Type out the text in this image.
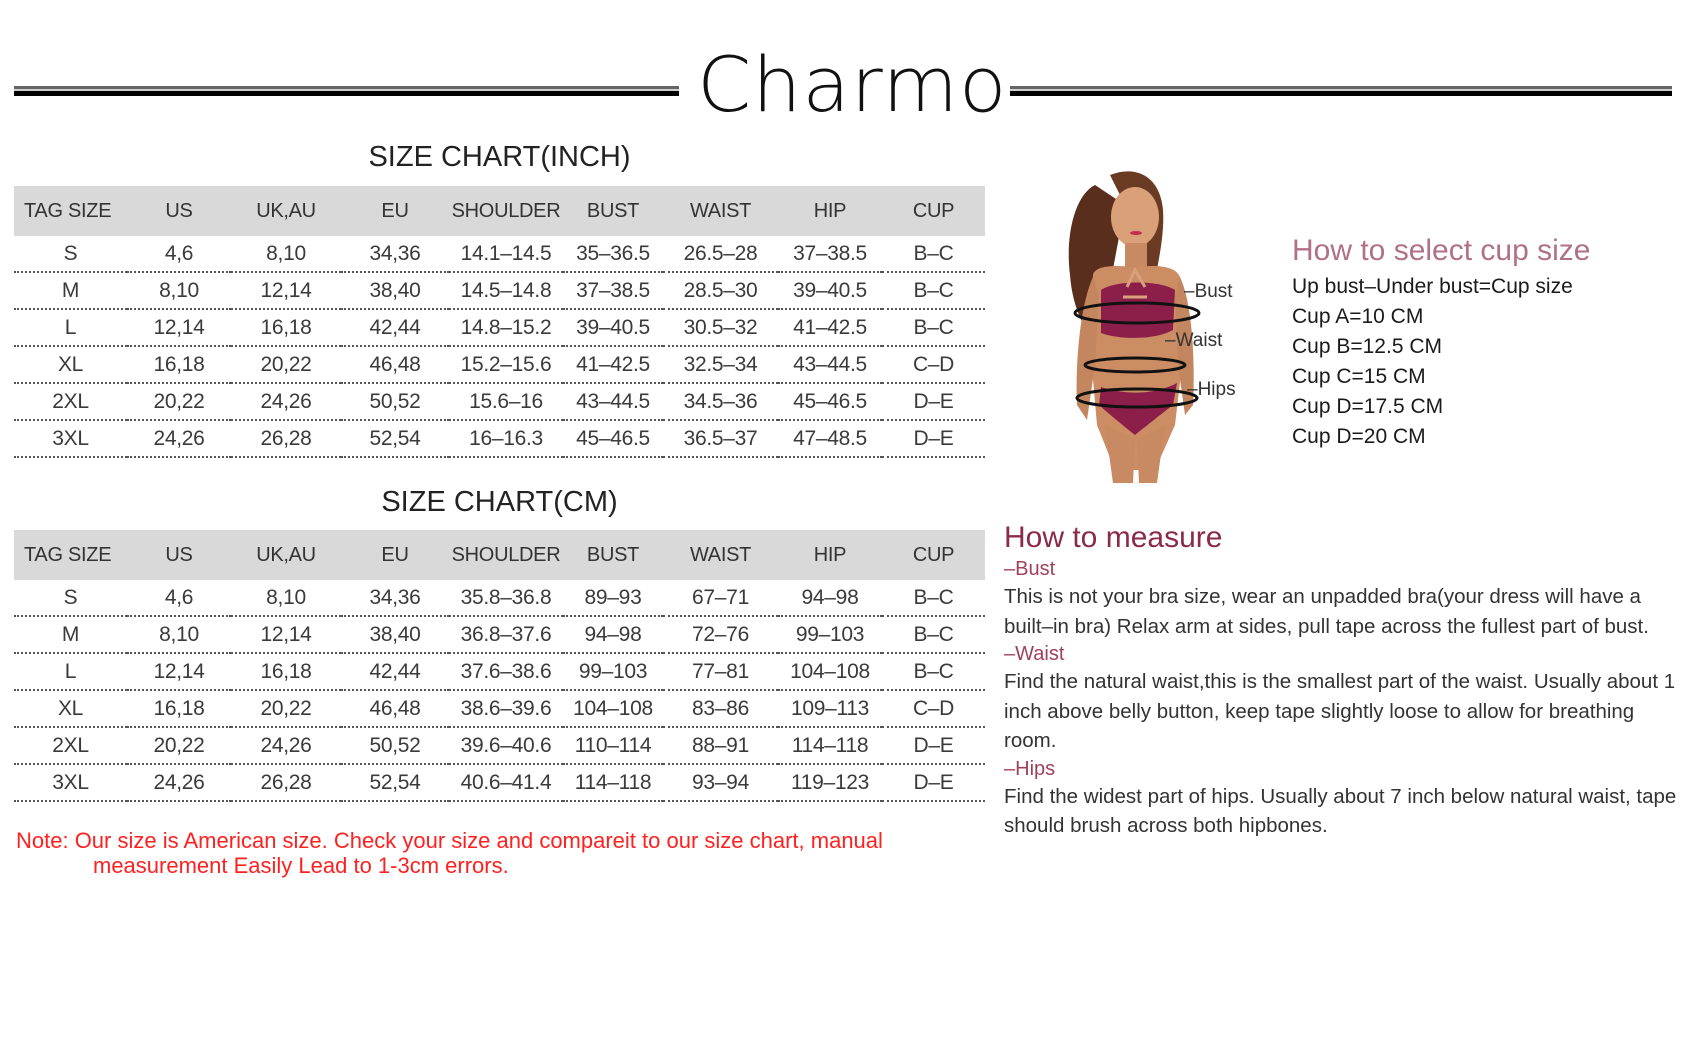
Charmo
SIZE CHART(INCH)
TAG SIZE	US	UK,AU	EU	SHOULDER	BUST	WAIST	HIP	CUP
S	4,6	8,10	34,36	14.1–14.5	35–36.5	26.5–28	37–38.5	B–C
M	8,10	12,14	38,40	14.5–14.8	37–38.5	28.5–30	39–40.5	B–C
L	12,14	16,18	42,44	14.8–15.2	39–40.5	30.5–32	41–42.5	B–C
XL	16,18	20,22	46,48	15.2–15.6	41–42.5	32.5–34	43–44.5	C–D
2XL	20,22	24,26	50,52	15.6–16	43–44.5	34.5–36	45–46.5	D–E
3XL	24,26	26,28	52,54	16–16.3	45–46.5	36.5–37	47–48.5	D–E
SIZE CHART(CM)
TAG SIZE	US	UK,AU	EU	SHOULDER	BUST	WAIST	HIP	CUP
S	4,6	8,10	34,36	35.8–36.8	89–93	67–71	94–98	B–C
M	8,10	12,14	38,40	36.8–37.6	94–98	72–76	99–103	B–C
L	12,14	16,18	42,44	37.6–38.6	99–103	77–81	104–108	B–C
XL	16,18	20,22	46,48	38.6–39.6	104–108	83–86	109–113	C–D
2XL	20,22	24,26	50,52	39.6–40.6	110–114	88–91	114–118	D–E
3XL	24,26	26,28	52,54	40.6–41.4	114–118	93–94	119–123	D–E
Note: Our size is American size. Check your size and compareit to our size chart, manual
measurement Easily Lead to 1-3cm errors.
–Bust
–Waist
–Hips
How to select cup size
Up bust–Under bust=Cup size
Cup A=10 CM
Cup B=12.5 CM
Cup C=15 CM
Cup D=17.5 CM
Cup D=20 CM
How to measure
–Bust
This is not your bra size, wear an unpadded bra(your dress will have a built–in bra) Relax arm at sides, pull tape across the fullest part of bust.
–Waist
Find the natural waist,this is the smallest part of the waist. Usually about 1 inch above belly button, keep tape slightly loose to allow for breathing room.
–Hips
Find the widest part of hips. Usually about 7 inch below natural waist, tape should brush across both hipbones.
